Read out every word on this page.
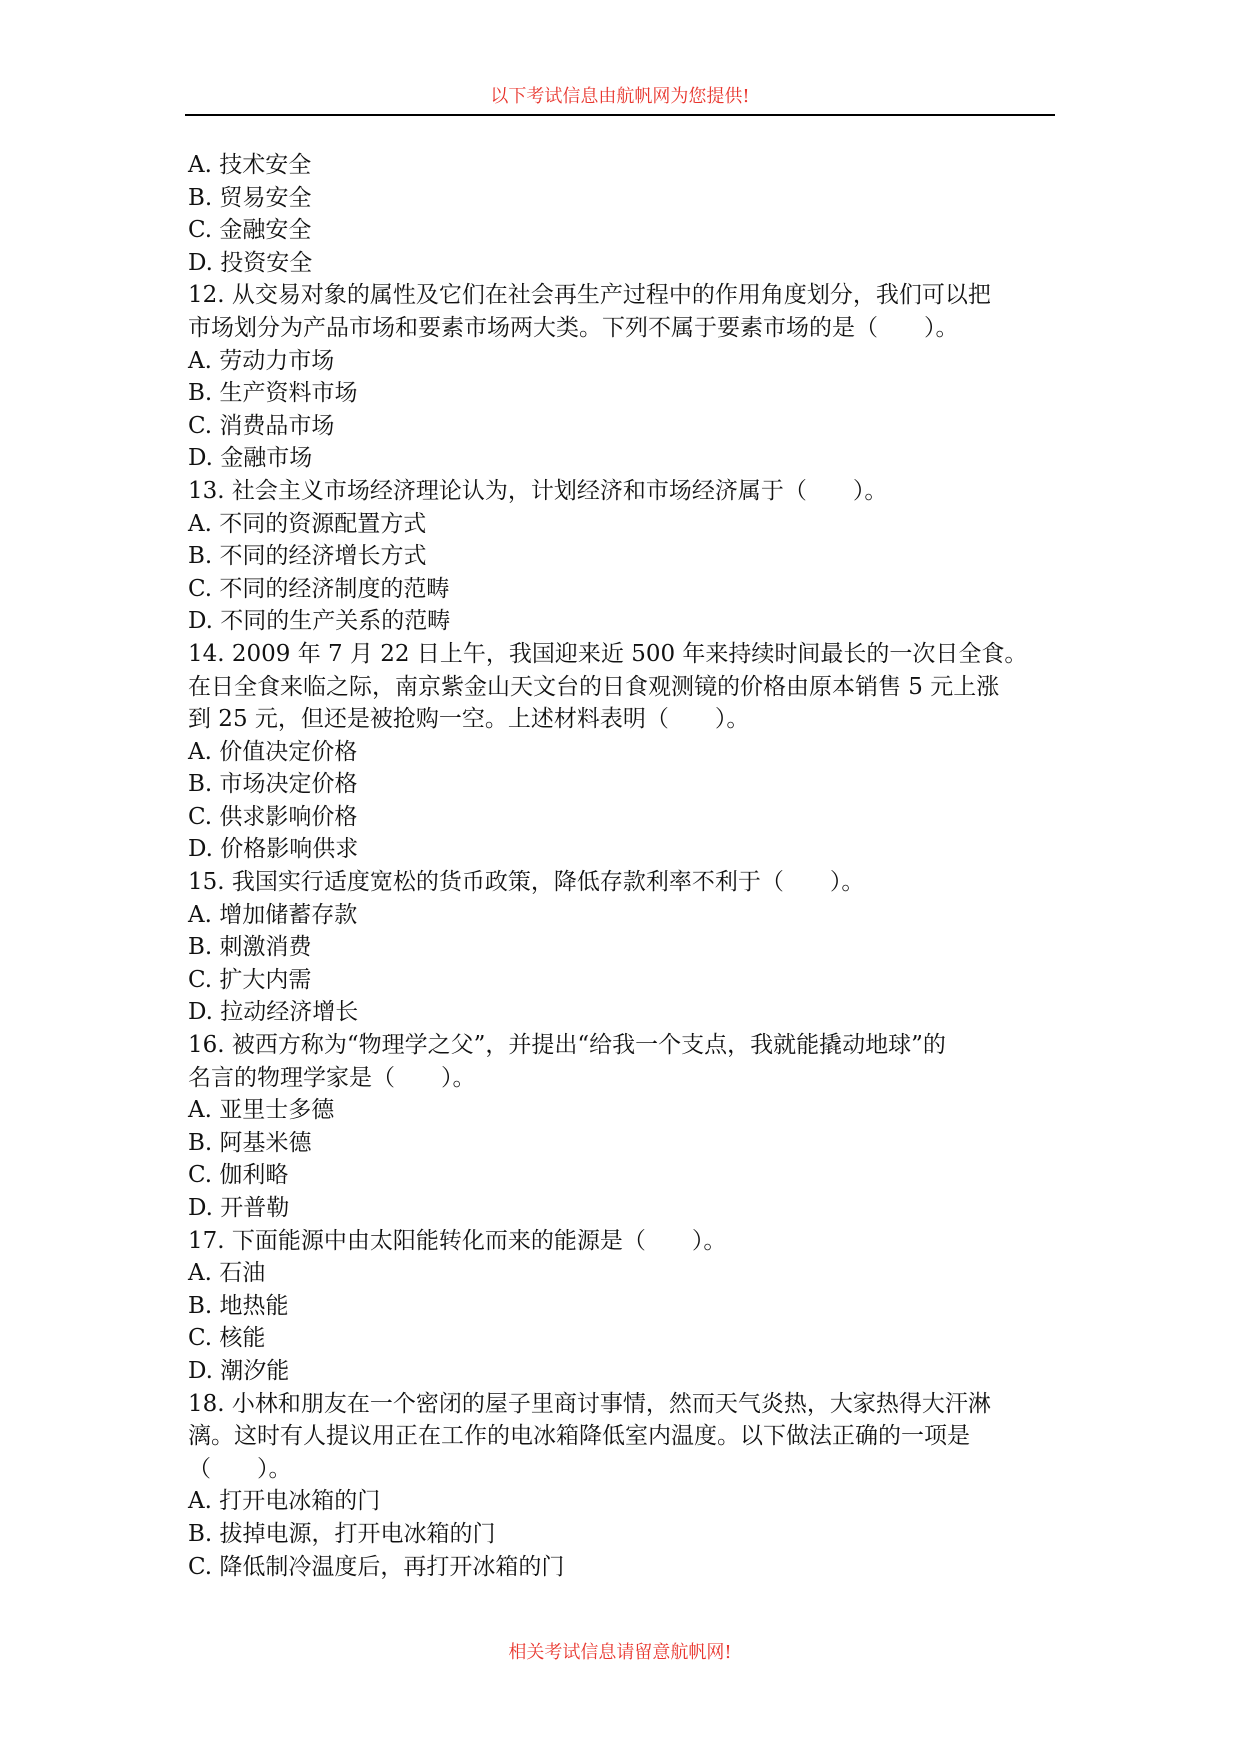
以下考试信息由航帆网为您提供!
A. 技术安全
B. 贸易安全
C. 金融安全
D. 投资安全
12. 从交易对象的属性及它们在社会再生产过程中的作用角度划分，我们可以把
市场划分为产品市场和要素市场两大类。下列不属于要素市场的是（　　）。
A. 劳动力市场
B. 生产资料市场
C. 消费品市场
D. 金融市场
13. 社会主义市场经济理论认为，计划经济和市场经济属于（　　）。
A. 不同的资源配置方式
B. 不同的经济增长方式
C. 不同的经济制度的范畴
D. 不同的生产关系的范畴
14. 2009 年 7 月 22 日上午，我国迎来近 500 年来持续时间最长的一次日全食。
在日全食来临之际，南京紫金山天文台的日食观测镜的价格由原本销售 5 元上涨
到 25 元，但还是被抢购一空。上述材料表明（　　）。
A. 价值决定价格
B. 市场决定价格
C. 供求影响价格
D. 价格影响供求
15. 我国实行适度宽松的货币政策，降低存款利率不利于（　　）。
A. 增加储蓄存款
B. 刺激消费
C. 扩大内需
D. 拉动经济增长
16. 被西方称为“物理学之父”，并提出“给我一个支点，我就能撬动地球”的
名言的物理学家是（　　）。
A. 亚里士多德
B. 阿基米德
C. 伽利略
D. 开普勒
17. 下面能源中由太阳能转化而来的能源是（　　）。
A. 石油
B. 地热能
C. 核能
D. 潮汐能
18. 小林和朋友在一个密闭的屋子里商讨事情，然而天气炎热，大家热得大汗淋
漓。这时有人提议用正在工作的电冰箱降低室内温度。以下做法正确的一项是
（　　）。
A. 打开电冰箱的门
B. 拔掉电源，打开电冰箱的门
C. 降低制冷温度后，再打开冰箱的门
相关考试信息请留意航帆网!
